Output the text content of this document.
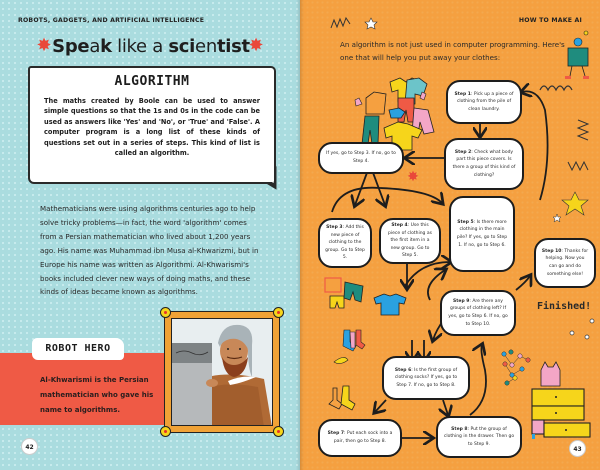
ROBOTS, GADGETS, AND ARTIFICIAL INTELLIGENCE
✸ Speak like a scientist
✸
ALGORITHM
The maths created by Boole can be used to answer simple questions so that the 1s and 0s in the code can be used as answers like 'Yes' and 'No', or 'True' and 'False'. A computer program is a long list of these kinds of questions set out in a series of steps. This kind of list is called an algorithm.
Mathematicians were using algorithms centuries ago to help solve tricky problems—in fact, the word 'algorithm' comes from a Persian mathematician who lived about 1,200 years ago. His name was Muhammad ibn Musa al-Khwarizmi, but in Europe his name was written as Algorithmi. Al-Khwarismi's books included clever new ways of doing maths, and these kinds of ideas became known as algorithms.
ROBOT HERO
Al-Khwarismi is the Persian mathematician who gave his name to algorithms.
42
HOW TO MAKE AI
An algorithm is not just used in computer programming. Here's one that will help you put away your clothes:
✸
Step 1: Pick up a piece of clothing from the pile of clean laundry.
Step 2: Check what body part this piece covers. Is there a group of this kind of clothing?
If yes, go to Step 3. If no, go to Step 4.
Step 3: Add this new piece of clothing to the group. Go to Step 5.
Step 4: Use this piece of clothing as the first item in a new group. Go to Step 5.
Step 5: Is there more clothing in the main pile? If yes, go to Step 1. If no, go to Step 6.
Step 10: Thanks for helping. Now you can go and do something else!
Step 9: Are there any groups of clothing left? If yes, go to Step 6. If no, go to Step 10.
Finished!
Step 6: Is the first group of clothing socks? If yes, go to Step 7. If no, go to Step 8.
Step 7: Put each sock into a pair, then go to Step 8.
Step 8: Put the group of clothing in the drawer. Then go to Step 9.
43
